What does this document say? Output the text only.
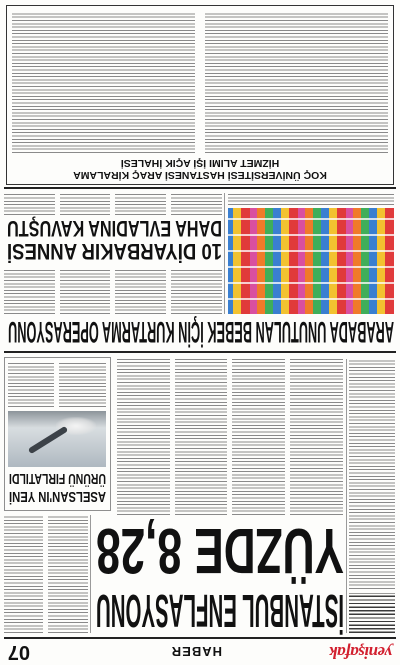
yenişafak
HABER
07
İSTANBUL ENFLASYONU
YÜZDE 8,28
ASELSAN'IN YENİ
ÜRÜNÜ FIRLATILDI
ARABADA UNUTULAN BEBEK İÇİN KURTARMA OPERASYONU
10 DİYARBAKIR ANNESİ
DAHA EVLADINA KAVUŞTU
KOÇ ÜNİVERSİTESİ HASTANESİ ARAÇ KİRALAMA
HİZMET ALIMI İŞİ AÇIK İHALESİ
